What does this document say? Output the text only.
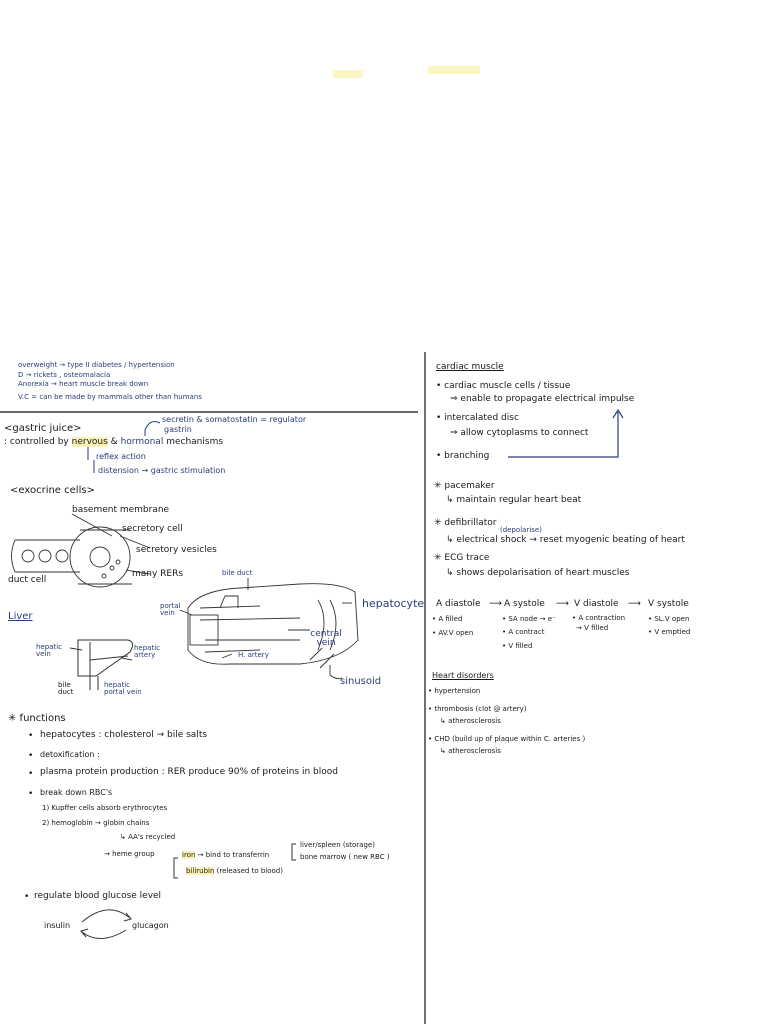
overweight → type II diabetes / hypertension
D → rickets , osteomalacia
Anorexia → heart muscle break down
V.C = can be made by mammals other than humans
secretin & somatostatin = regulator
gastrin
<gastric juice>
: controlled by nervous & hormonal mechanisms
reflex action
distension → gastric stimulation
<exocrine cells>
basement membrane
secretory cell
secretory vesicles
many RERs
duct cell
Liver
hepatic vein
hepatic artery
bile duct
hepatic portal vein
bile duct
portal vein
H. artery
hepatocyte
central vein
sinusoid
✳ functions
• hepatocytes : cholesterol → bile salts
• detoxification :
• plasma protein production : RER produce 90% of proteins in blood
• break down RBC's
1) Kupffer cells absorb erythrocytes
2) hemoglobin → globin chains
↳ AA's recycled
→ heme group	iron → bind to transferrin
liver/spleen (storage)
bone marrow ( new RBC )
bilirubin (released to blood)
• regulate blood glucose level
insulin	glucagon
cardiac muscle
• cardiac muscle cells / tissue
⇒ enable to propagate electrical impulse
• intercalated disc
⇒ allow cytoplasms to connect
• branching
✳ pacemaker
↳ maintain regular heart beat
✳ defibrillator
(depolarise)
↳ electrical shock → reset myogenic beating of heart
✳ ECG trace
↳ shows depolarisation of heart muscles
A diastole ⟶ A systole ⟶ V diastole ⟶ V systole
• A filled
• AV.V open
• SA node → e⁻
• A contract
• V filled
• A contraction
→ V filled
• SL.V open
• V emptied
Heart disorders
• hypertension
• thrombosis (clot @ artery)
↳ atherosclerosis
• CHD (build up of plaque within C. arteries )
↳ atherosclerosis
